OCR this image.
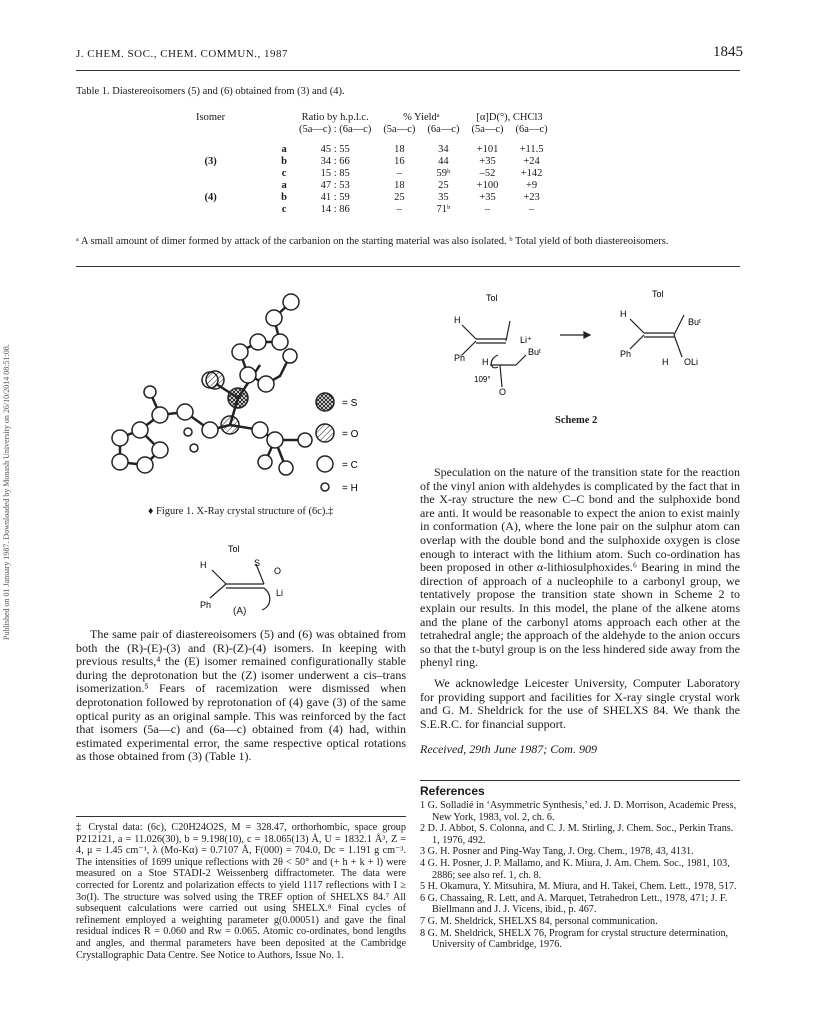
J. CHEM. SOC., CHEM. COMMUN., 1987	1845
Published on 01 January 1987. Downloaded by Monash University on 26/10/2014 08:51:08.
Table 1. Diastereoisomers (5) and (6) obtained from (3) and (4).
Isomer		Ratio by h.p.l.c.	% Yieldᵃ		[α]D(°), CHCl3	
		(5a—c) : (6a—c)	(5a—c)	(6a—c)	(5a—c)	(6a—c)

	a	45 : 55	18	34	+101	+11.5
(3)	b	34 : 66	16	44	+35	+24
	c	15 : 85	–	59ᵇ	–52	+142
	a	47 : 53	18	25	+100	+9
(4)	b	41 : 59	25	35	+35	+23
	c	14 : 86	–	71ᵇ	–	–
ᵃ A small amount of dimer formed by attack of the carbanion on the starting material was also isolated. ᵇ Total yield of both diastereoisomers.
= S
= O
= C
= H
♦ Figure 1. X-Ray crystal structure of (6c).‡
Tol
H	S
O
Li
Ph
(A)
The same pair of diastereoisomers (5) and (6) was obtained from both the (R)-(E)-(3) and (R)-(Z)-(4) isomers. In keeping with previous results,⁴ the (E) isomer remained configurationally stable during the deprotonation but the (Z) isomer underwent a cis–trans isomerization.⁵ Fears of racemization were dismissed when deprotonation followed by reprotonation of (4) gave (3) of the same optical purity as an original sample. This was reinforced by the fact that isomers (5a—c) and (6a—c) obtained from (4) had, within estimated experimental error, the same respective optical rotations as those obtained from (3) (Table 1).
Tol
H
Li⁺
Buᵗ
Ph H
109°
O
Tol
H
Buᵗ
Ph
H OLi
Scheme 2
Speculation on the nature of the transition state for the reaction of the vinyl anion with aldehydes is complicated by the fact that in the X-ray structure the new C–C bond and the sulphoxide bond are anti. It would be reasonable to expect the anion to exist mainly in conformation (A), where the lone pair on the sulphur atom can overlap with the double bond and the sulphoxide oxygen is close enough to interact with the lithium atom. Such co-ordination has been proposed in other α-lithiosulphoxides.⁶ Bearing in mind the direction of approach of a nucleophile to a carbonyl group, we tentatively propose the transition state shown in Scheme 2 to explain our results. In this model, the plane of the alkene atoms and the plane of the carbonyl atoms approach each other at the tetrahedral angle; the approach of the aldehyde to the anion occurs so that the t-butyl group is on the less hindered side away from the phenyl ring.
We acknowledge Leicester University, Computer Laboratory for providing support and facilities for X-ray single crystal work and G. M. Sheldrick for the use of SHELXS 84. We thank the S.E.R.C. for financial support.
Received, 29th June 1987; Com. 909
‡ Crystal data: (6c), C20H24O2S, M = 328.47, orthorhombic, space group P212121, a = 11.026(30), b = 9.198(10), c = 18.065(13) Å, U = 1832.1 Å³, Z = 4, μ = 1.45 cm⁻¹, λ (Mo-Kα) = 0.7107 Å, F(000) = 704.0, Dc = 1.191 g cm⁻³. The intensities of 1699 unique reflections with 2θ < 50° and (+ h + k + l) were measured on a Stoe STADI-2 Weissenberg diffractometer. The data were corrected for Lorentz and polarization effects to yield 1117 reflections with I ≥ 3σ(I). The structure was solved using the TREF option of SHELXS 84.⁷ All subsequent calculations were carried out using SHELX.⁸ Final cycles of refinement employed a weighting parameter g(0.00051) and gave the final residual indices R = 0.060 and Rw = 0.065. Atomic co-ordinates, bond lengths and angles, and thermal parameters have been deposited at the Cambridge Crystallographic Data Centre. See Notice to Authors, Issue No. 1.
References
1 G. Solladié in ‘Asymmetric Synthesis,’ ed. J. D. Morrison, Academic Press, New York, 1983, vol. 2, ch. 6.
2 D. J. Abbot, S. Colonna, and C. J. M. Stirling, J. Chem. Soc., Perkin Trans. 1, 1976, 492.
3 G. H. Posner and Ping-Way Tang, J. Org. Chem., 1978, 43, 4131.
4 G. H. Posner, J. P. Mallamo, and K. Miura, J. Am. Chem. Soc., 1981, 103, 2886; see also ref. 1, ch. 8.
5 H. Okamura, Y. Mitsuhira, M. Miura, and H. Takei, Chem. Lett., 1978, 517.
6 G. Chassaing, R. Lett, and A. Marquet, Tetrahedron Lett., 1978, 471; J. F. Biellmann and J. J. Vicens, ibid., p. 467.
7 G. M. Sheldrick, SHELXS 84, personal communication.
8 G. M. Sheldrick, SHELX 76, Program for crystal structure determination, University of Cambridge, 1976.
